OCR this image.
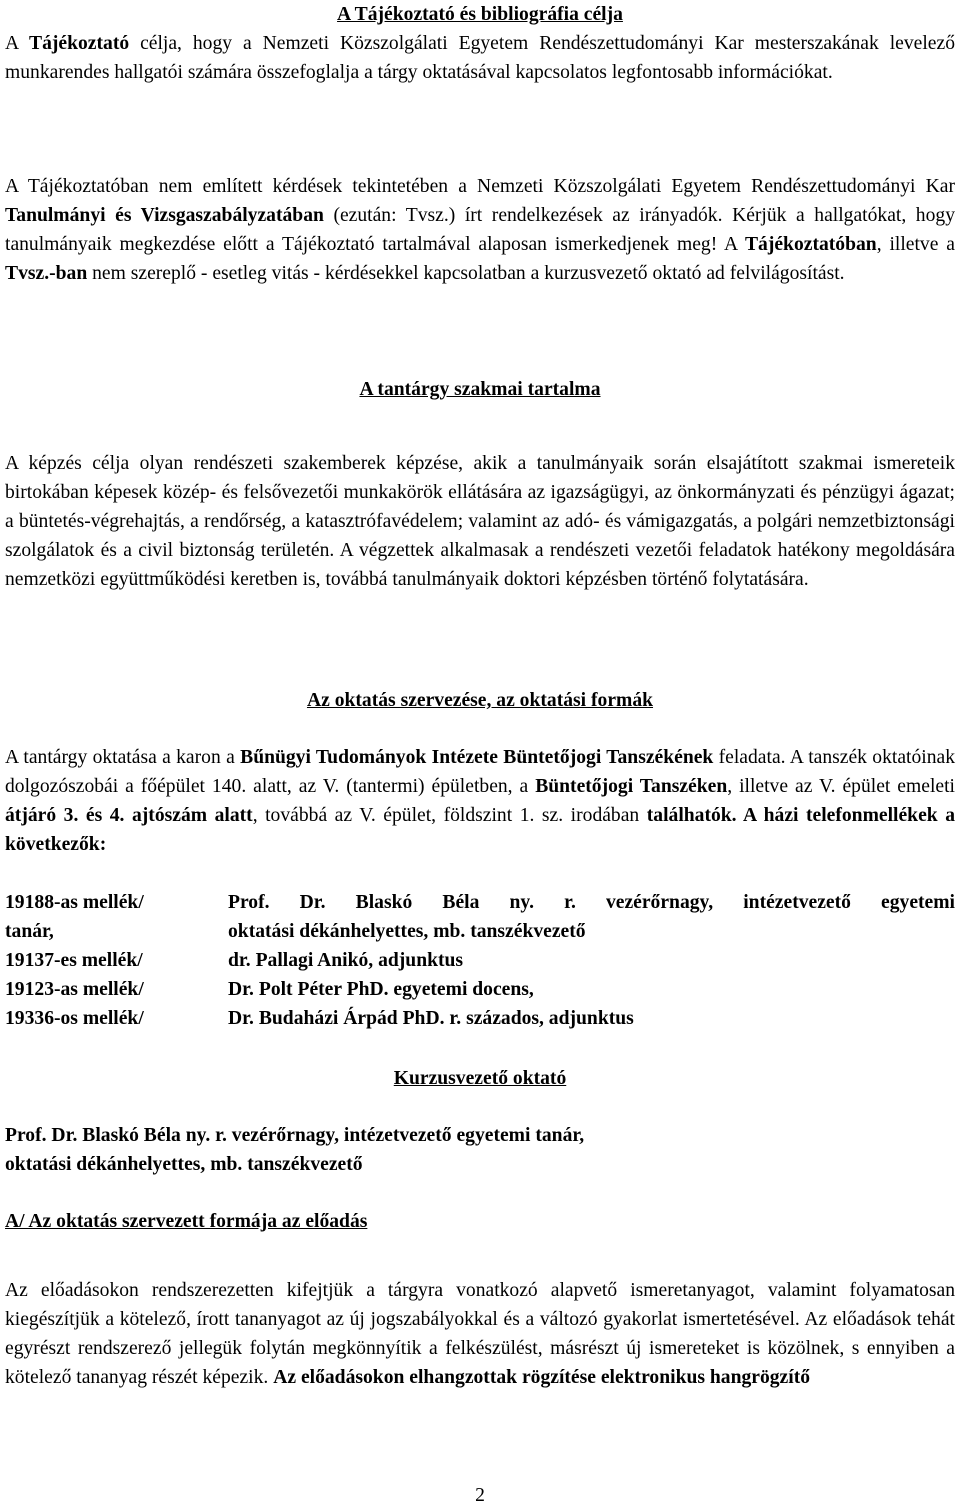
A Tájékoztató és bibliográfia célja

A Tájékoztató célja, hogy a Nemzeti Közszolgálati Egyetem Rendészettudományi Kar mesterszakának levelező munkarendes hallgatói számára összefoglalja a tárgy oktatásával kapcsolatos legfontosabb információkat.

A Tájékoztatóban nem említett kérdések tekintetében a Nemzeti Közszolgálati Egyetem Rendészettudományi Kar Tanulmányi és Vizsgaszabályzatában (ezután: Tvsz.) írt rendelkezések az irányadók. Kérjük a hallgatókat, hogy tanulmányaik megkezdése előtt a Tájékoztató tartalmával alaposan ismerkedjenek meg! A Tájékoztatóban, illetve a Tvsz.-ban nem szereplő - esetleg vitás - kérdésekkel kapcsolatban a kurzusvezető oktató ad felvilágosítást.

A tantárgy szakmai tartalma

A képzés célja olyan rendészeti szakemberek képzése, akik a tanulmányaik során elsajátított szakmai ismereteik birtokában képesek közép- és felsővezetői munkakörök ellátására az igazságügyi, az önkormányzati és pénzügyi ágazat; a büntetés-végrehajtás, a rendőrség, a katasztrófavédelem; valamint az adó- és vámigazgatás, a polgári nemzetbiztonsági szolgálatok és a civil biztonság területén. A végzettek alkalmasak a rendészeti vezetői feladatok hatékony megoldására nemzetközi együttműködési keretben is, továbbá tanulmányaik doktori képzésben történő folytatására.

Az oktatás szervezése, az oktatási formák

A tantárgy oktatása a karon a Bűnügyi Tudományok Intézete Büntetőjogi Tanszékének feladata. A tanszék oktatóinak dolgozószobái a főépület 140. alatt, az V. (tantermi) épületben, a Büntetőjogi Tanszéken, illetve az V. épület emeleti átjáró 3. és 4. ajtószám alatt, továbbá az V. épület, földszint 1. sz. irodában találhatók. A házi telefonmellékek a következők:

19188-as mellék/	Prof. Dr. Blaskó Béla ny. r. vezérőrnagy, intézetvezető egyetemi
tanár,	oktatási dékánhelyettes, mb. tanszékvezető
19137-es mellék/	dr. Pallagi Anikó, adjunktus
19123-as mellék/	Dr. Polt Péter PhD. egyetemi docens,
19336-os mellék/	Dr. Budaházi Árpád PhD. r. százados, adjunktus
Kurzusvezető oktató
Prof. Dr. Blaskó Béla ny. r. vezérőrnagy, intézetvezető egyetemi tanár,
oktatási dékánhelyettes, mb. tanszékvezető
A/ Az oktatás szervezett formája az előadás

Az előadásokon rendszerezetten kifejtjük a tárgyra vonatkozó alapvető ismeretanyagot, valamint folyamatosan kiegészítjük a kötelező, írott tananyagot az új jogszabályokkal és a változó gyakorlat ismertetésével. Az előadások tehát egyrészt rendszerező jellegük folytán megkönnyítik a felkészülést, másrészt új ismereteket is közölnek, s ennyiben a kötelező tananyag részét képezik. Az előadásokon elhangzottak rögzítése elektronikus hangrögzítő

2
